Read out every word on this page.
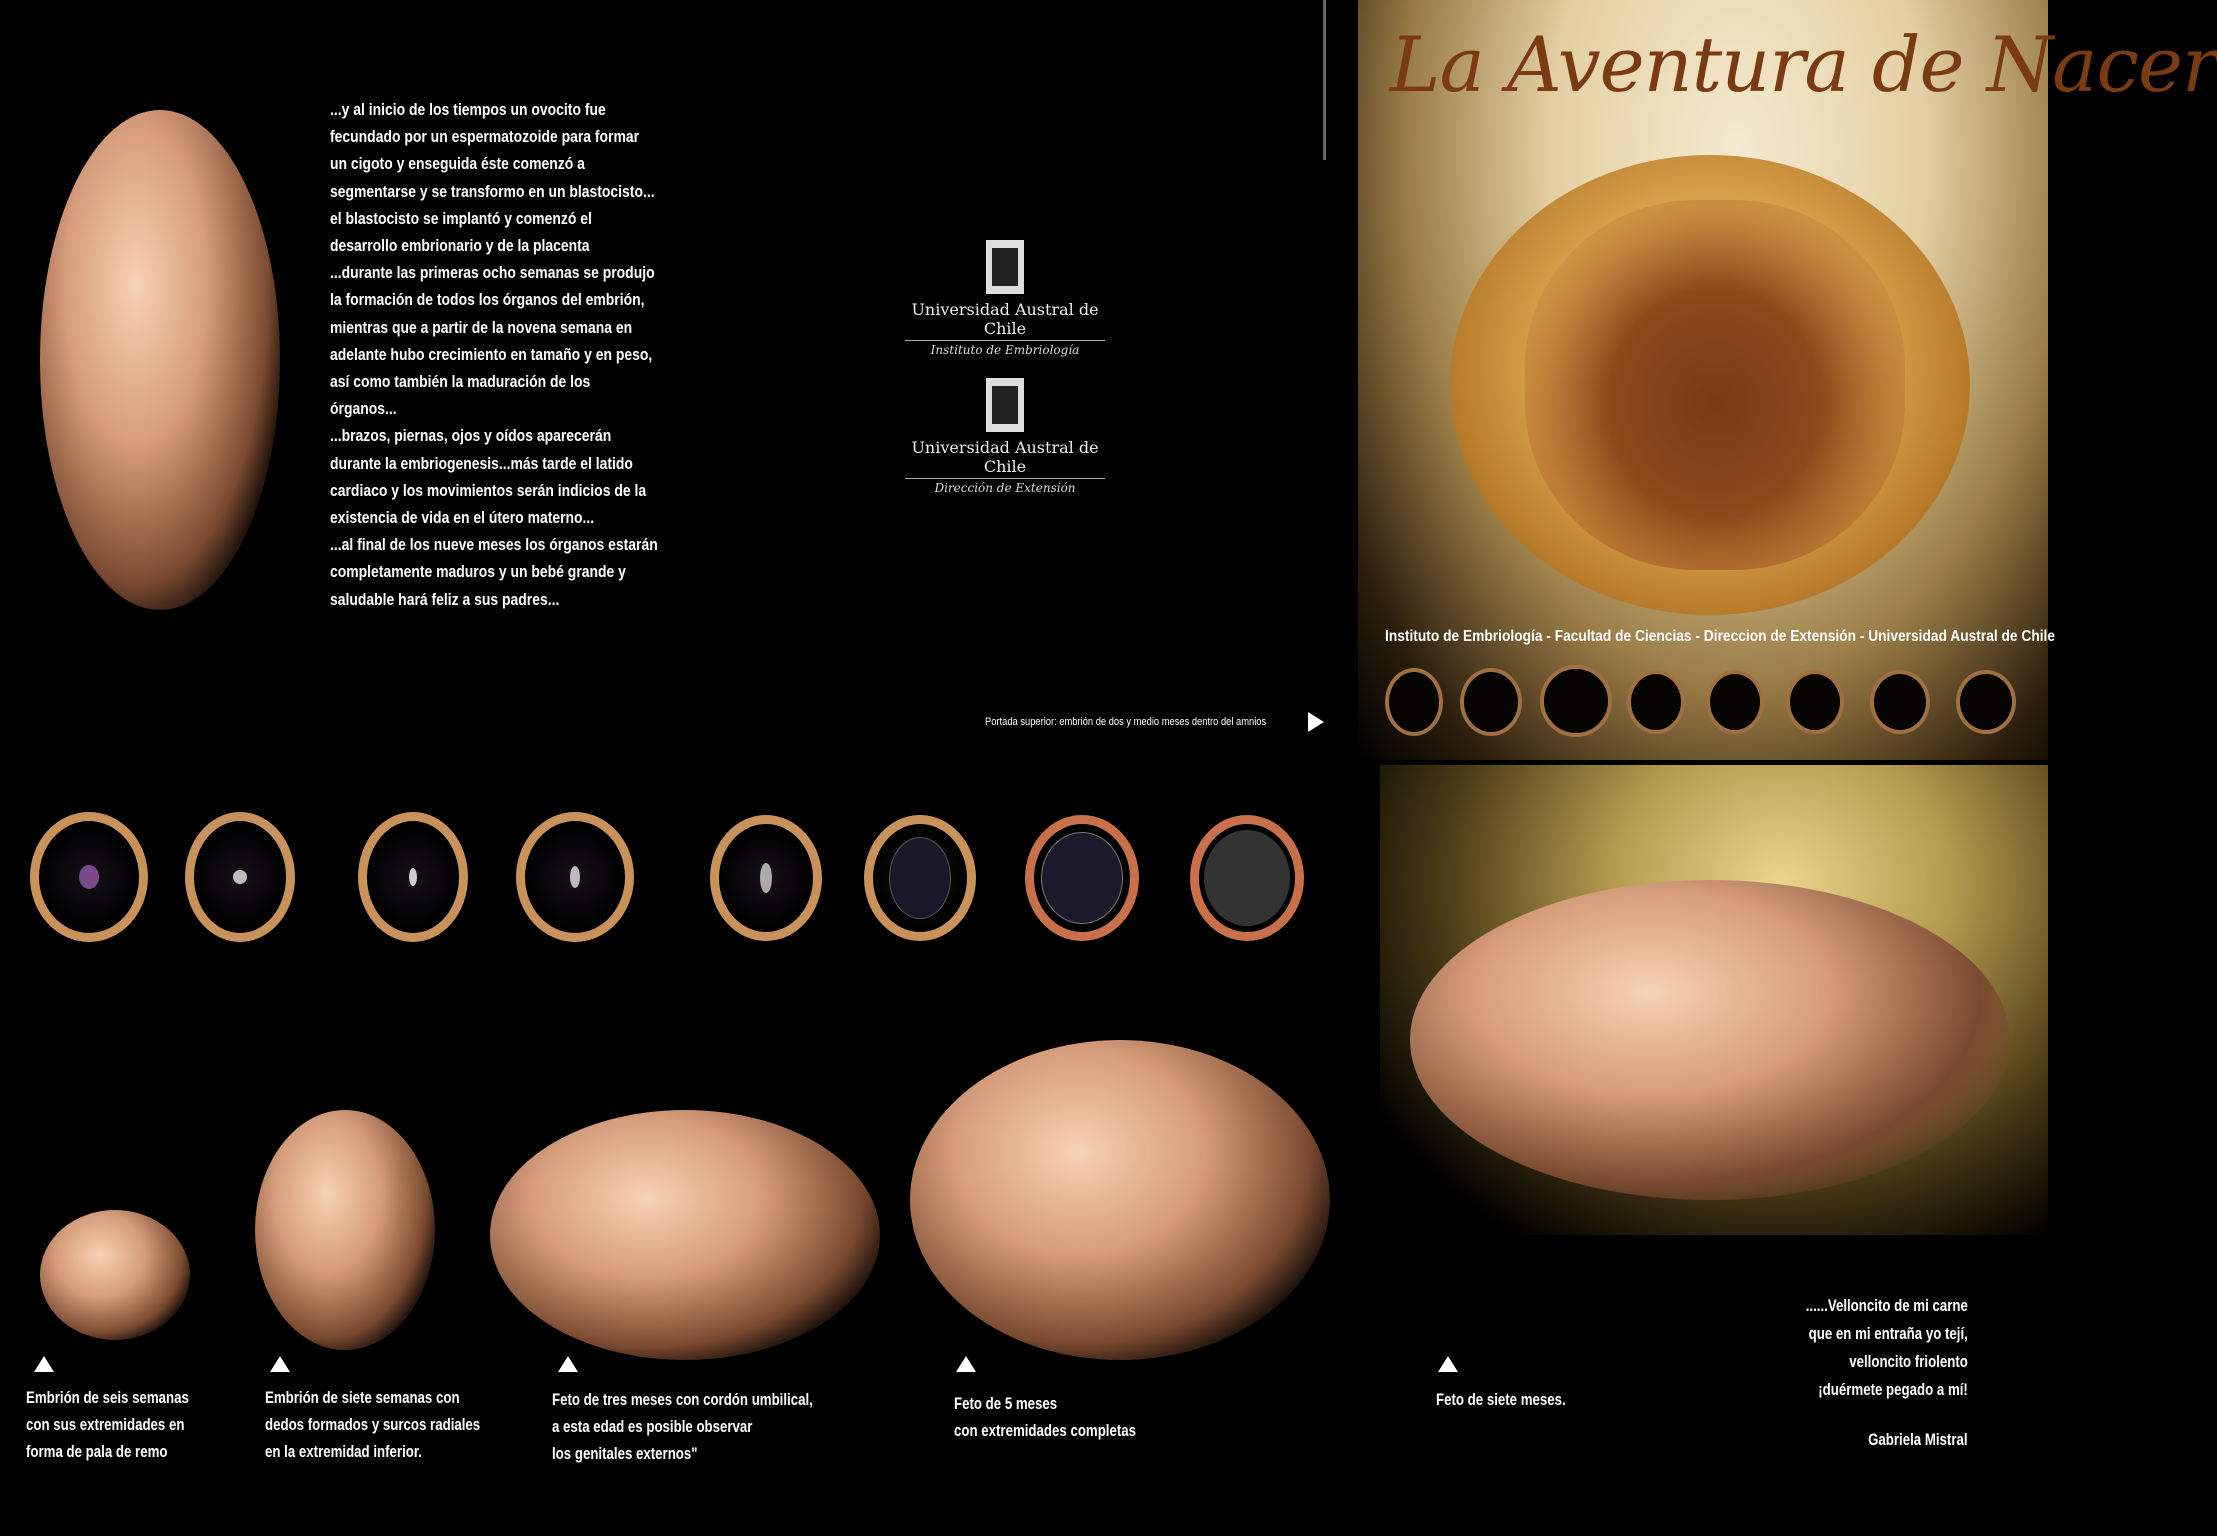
...y al inicio de los tiempos un ovocito fue fecundado por un espermatozoide para formar un cigoto y enseguida éste comenzó a segmentarse y se transformo en un blastocisto...

el blastocisto se implantó y comenzó el desarrollo embrionario y de la placenta

...durante las primeras ocho semanas se produjo la formación de todos los órganos del embrión, mientras que a partir de la novena semana en adelante hubo crecimiento en tamaño y en peso, así como también la maduración de los órganos...

...brazos, piernas, ojos y oídos aparecerán durante la embriogenesis...más tarde el latido cardiaco y los movimientos serán indicios de la existencia de vida en el útero materno...

...al final de los nueve meses los órganos estarán completamente maduros y un bebé grande y saludable hará feliz a sus padres...

Universidad Austral de Chile
Instituto de Embriología
Universidad Austral de Chile
Dirección de Extensión
La Aventura de Nacer
Instituto de Embriología - Facultad de Ciencias - Direccion de Extensión - Universidad Austral de Chile
Portada superior: embrión de dos y medio meses dentro del amnios
Embrión de seis semanas
con sus extremidades en
forma de pala de remo
Embrión de siete semanas con
dedos formados y surcos radiales
en la extremidad inferior.
Feto de tres meses con cordón umbilical,
a esta edad es posible observar
los genitales externos"
Feto de 5 meses
con extremidades completas
Feto de siete meses.
......Velloncito de mi carne
que en mi entraña yo tejí,
velloncito friolento
¡duérmete pegado a mí!
Gabriela Mistral
